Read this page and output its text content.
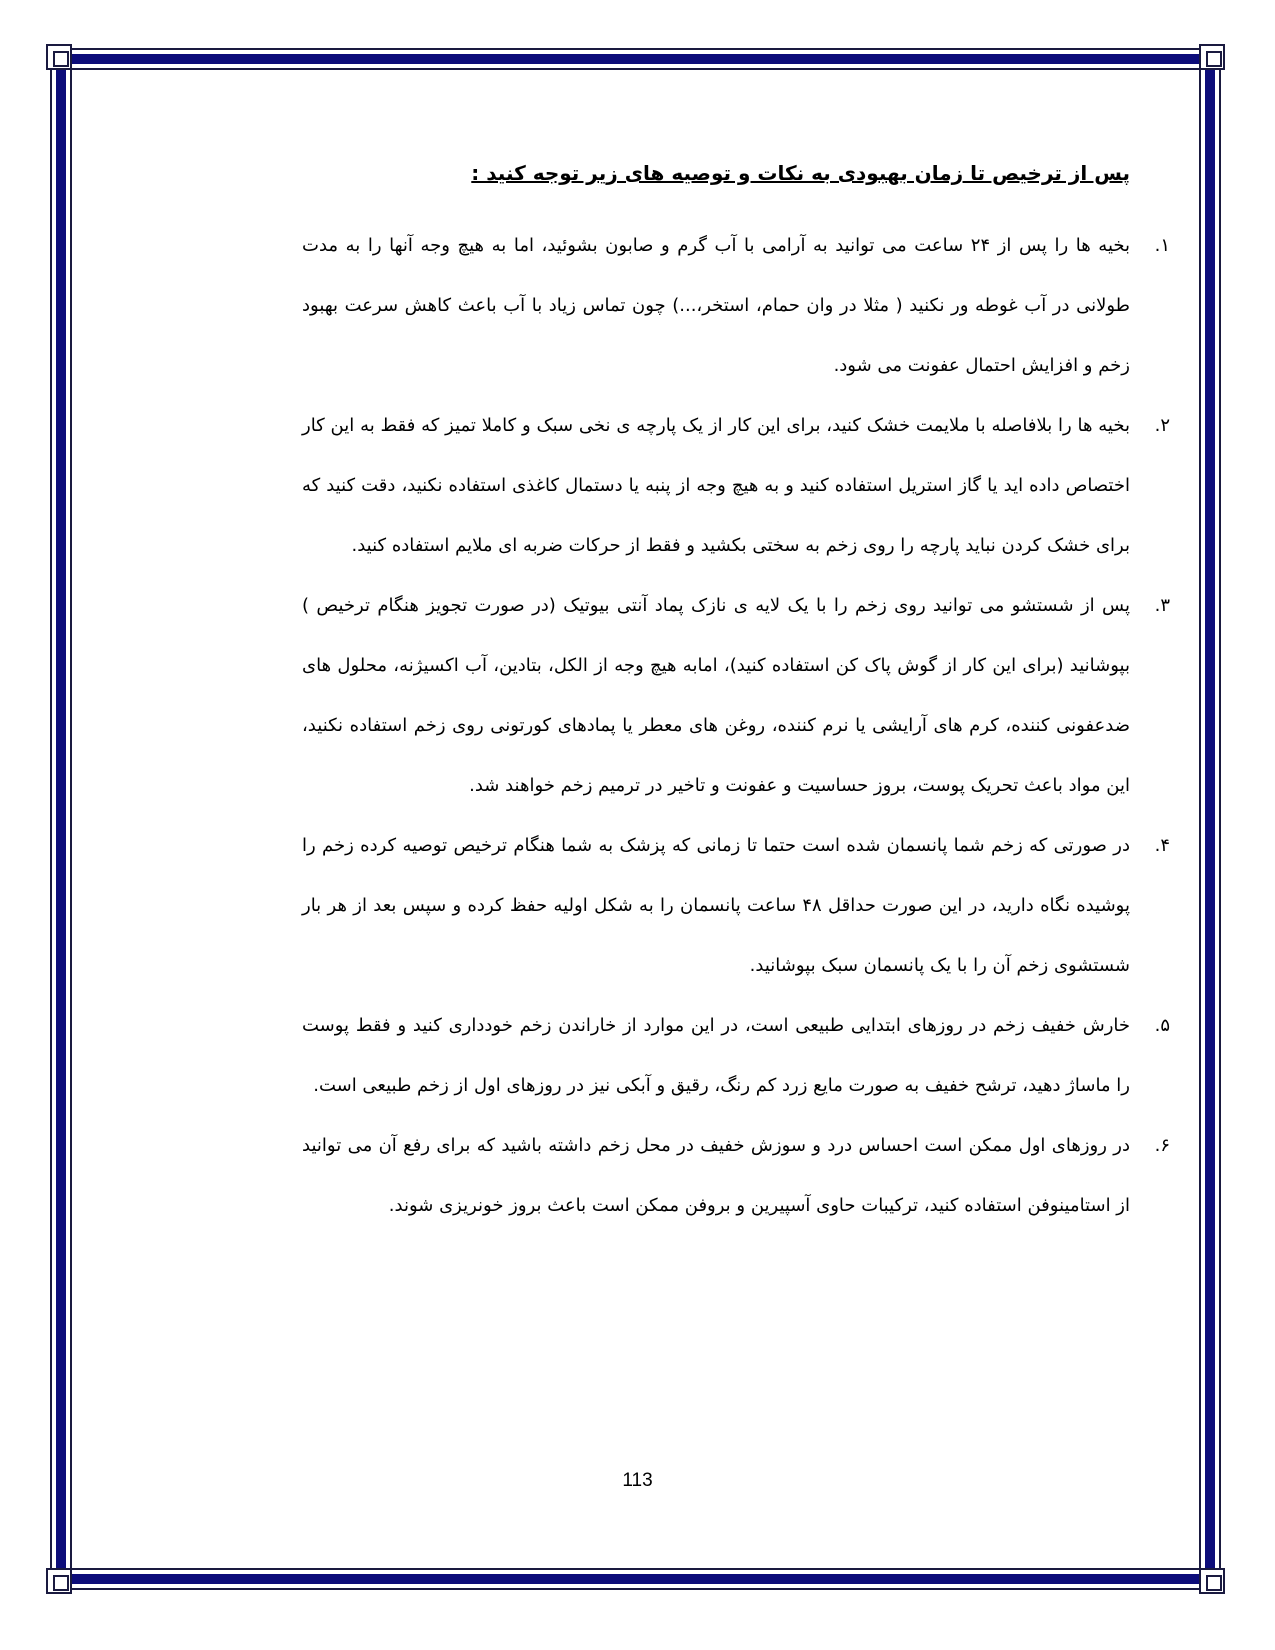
پس از ترخیص تا زمان بهبودی به نکات و توصیه های زیر توجه کنید :
۱.
بخیه ها را پس از ۲۴ ساعت می توانید به آرامی با آب گرم و صابون بشوئید، اما به هیچ وجه آنها را به مدت طولانی در آب غوطه ور نکنید ( مثلا در وان حمام، استخر،...) چون تماس زیاد با آب باعث کاهش سرعت بهبود زخم و افزایش احتمال عفونت می شود.
۲.
بخیه ها را بلافاصله با ملایمت خشک کنید، برای این کار از یک پارچه ی نخی سبک و کاملا تمیز که فقط به این کار اختصاص داده اید یا گاز استریل استفاده کنید و به هیچ وجه از پنبه یا دستمال کاغذی استفاده نکنید، دقت کنید که برای خشک کردن نباید پارچه را روی زخم به سختی بکشید و فقط از حرکات ضربه ای ملایم استفاده کنید.
۳.
پس از شستشو می توانید روی زخم را با یک لایه ی نازک پماد آنتی بیوتیک (در صورت تجویز هنگام ترخیص ) بپوشانید (برای این کار از گوش پاک کن استفاده کنید)، امابه هیچ وجه از الکل، بتادین، آب اکسیژنه، محلول های ضدعفونی کننده، کرم های آرایشی یا نرم کننده، روغن های معطر یا پمادهای کورتونی روی زخم استفاده نکنید، این مواد باعث تحریک پوست، بروز حساسیت و عفونت و تاخیر در ترمیم زخم خواهند شد.
۴.
در صورتی که زخم شما پانسمان شده است حتما تا زمانی که پزشک به شما هنگام ترخیص توصیه کرده زخم را پوشیده نگاه دارید، در این صورت حداقل ۴۸ ساعت پانسمان را به شکل اولیه حفظ کرده و سپس بعد از هر بار شستشوی زخم آن را با یک پانسمان سبک بپوشانید.
۵.
خارش خفیف زخم در روزهای ابتدایی طبیعی است، در این موارد از خاراندن زخم خودداری کنید و فقط پوست را ماساژ دهید، ترشح خفیف به صورت مایع زرد کم رنگ، رقیق و آبکی نیز در روزهای اول از زخم طبیعی است.
۶.
در روزهای اول ممکن است احساس درد و سوزش خفیف در محل زخم داشته باشید که برای رفع آن می توانید از استامینوفن استفاده کنید، ترکیبات حاوی آسپیرین و بروفن ممکن است باعث بروز خونریزی شوند.
113
